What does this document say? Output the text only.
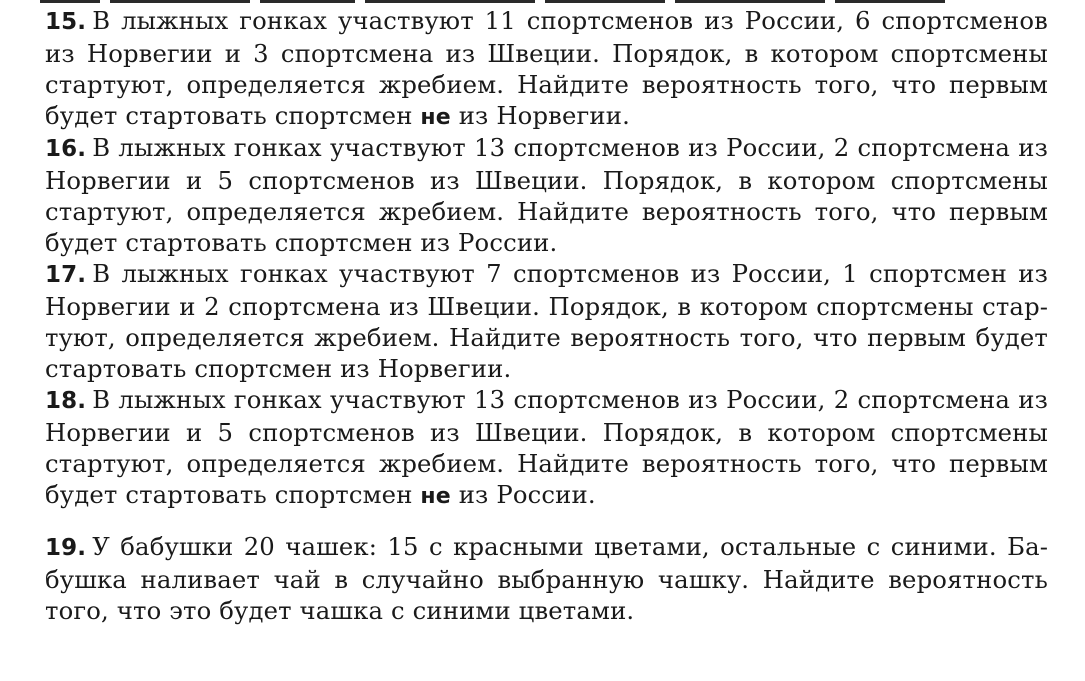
15. В лыжных гонках участвуют 11 спортсменов из России, 6 спортсменов из Норвегии и 3 спортсмена из Швеции. Порядок, в котором спортсмены стартуют, определяется жребием. Найдите вероятность того, что первым будет стартовать спортсмен не из Норвегии.
16. В лыжных гонках участвуют 13 спортсменов из России, 2 спортсмена из Норвегии и 5 спортсменов из Швеции. Порядок, в котором спортсмены стартуют, определяется жребием. Найдите вероятность того, что первым будет стартовать спортсмен из России.
17. В лыжных гонках участвуют 7 спортсменов из России, 1 спортсмен из Норвегии и 2 спортсмена из Швеции. Порядок, в котором спортсмены стартуют, определяется жребием. Найдите вероятность того, что первым будет стартовать спортсмен из Норвегии.
18. В лыжных гонках участвуют 13 спортсменов из России, 2 спортсмена из Норвегии и 5 спортсменов из Швеции. Порядок, в котором спортсмены стартуют, определяется жребием. Найдите вероятность того, что первым будет стартовать спортсмен не из России.
19. У бабушки 20 чашек: 15 с красными цветами, остальные с синими. Бабушка наливает чай в случайно выбранную чашку. Найдите вероятность того, что это будет чашка с синими цветами.
